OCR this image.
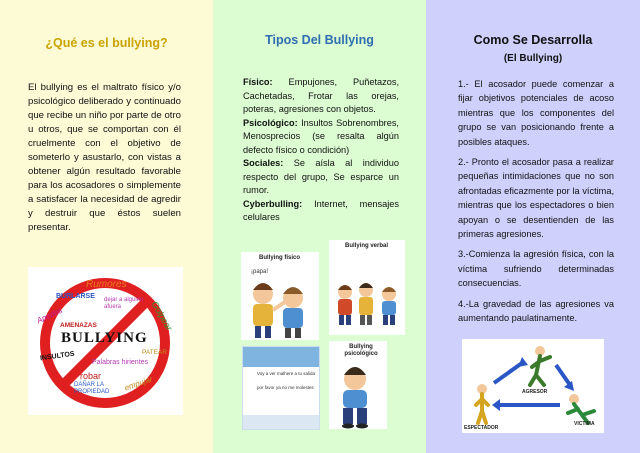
¿Qué es el bullying?
El bullying es el maltrato físico y/o psicológico deliberado y continuado que recibe un niño por parte de otro u otros, que se comportan con él cruelmente con el objetivo de someterlo y asustarlo, con vistas a obtener algún resultado favorable para los acosadores o simplemente a satisfacer la necesidad de agredir y destruir que éstos suelen presentar.
Rumores
BURLARSE dejar a alguien afuera	Golpear
Apodos
AMENAZAS
BULLYING
INSULTOS
Palabras hirientes
PATEAR
robar
DAÑAR LA PROPIEDAD	empujar
Tipos Del Bullying

Físico: Empujones, Puñetazos, Cachetadas, Frotar las orejas, poteras, agresiones con objetos.

Psicológico: Insultos Sobrenombres, Menosprecios (se resalta algún defecto físico o condición)

Sociales: Se aísla al individuo respecto del grupo, Se esparce un rumor.

Cyberbulling: Internet, mensajes celulares

Bullying físico
¡papa!
Bullying verbal
Voy a ver malhere a tu salida
por favor ya no me molestes
Bullying psicológico
Como Se Desarrolla
(El Bullying)

1.- El acosador puede comenzar a fijar objetivos potenciales de acoso mientras que los componentes del grupo se van posicionando frente a posibles ataques.

2.- Pronto el acosador pasa a realizar pequeñas intimidaciones que no son afrontadas eficazmente por la víctima, mientras que los espectadores o bien apoyan o se desentienden de las primeras agresiones.

3.-Comienza la agresión física, con la víctima sufriendo determinadas consecuencias.

4.-La gravedad de las agresiones va aumentando paulatinamente.

AGRESOR
ESPECTADOR
VICTIMA
